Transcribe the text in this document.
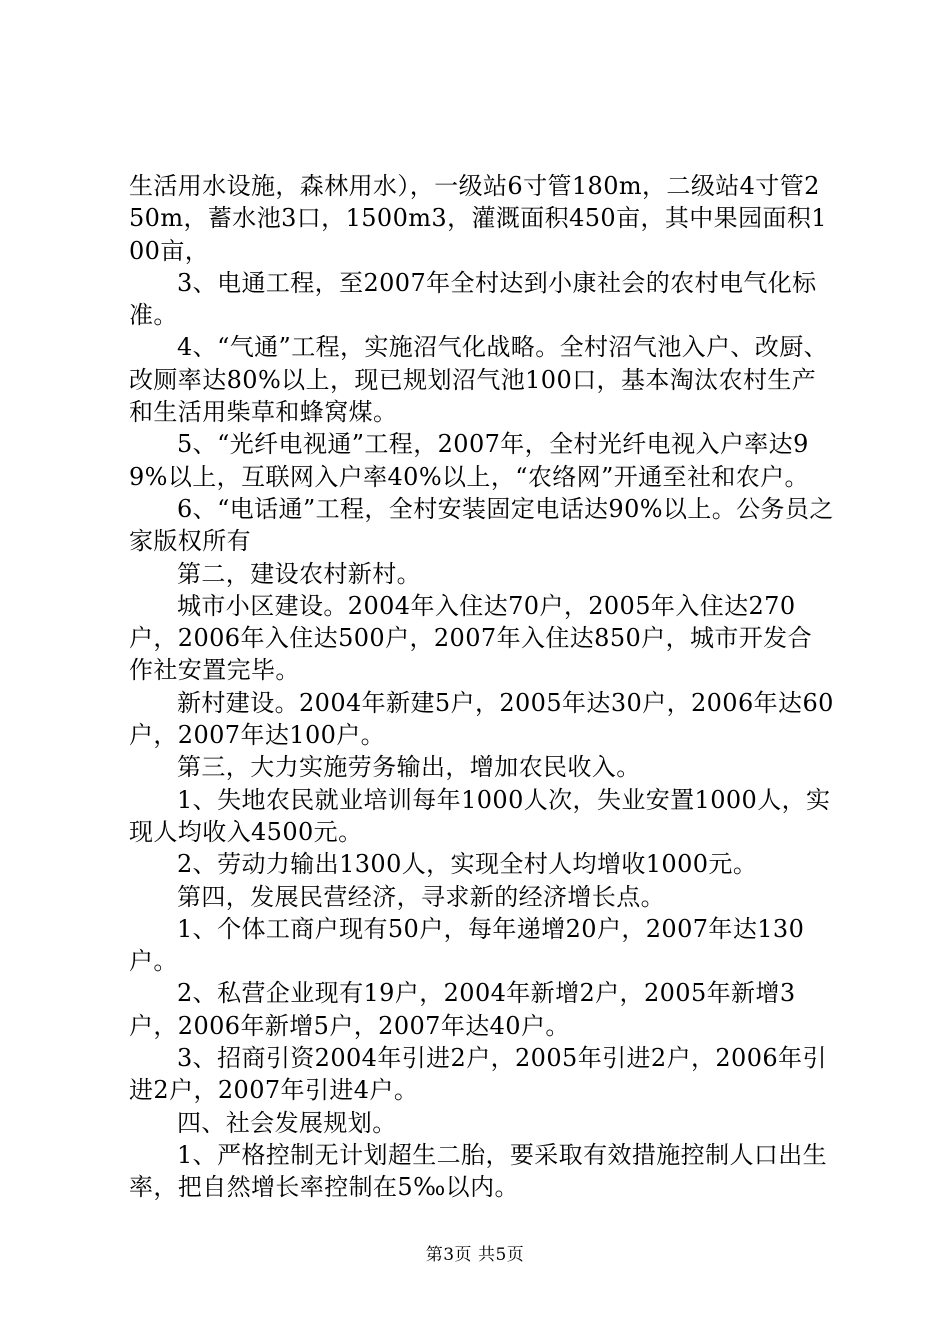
生活用水设施，森林用水），一级站6寸管180m，二级站4寸管250m，蓄水池3口，1500m3，灌溉面积450亩，其中果园面积100亩，

3、电通工程，至2007年全村达到小康社会的农村电气化标准。

4、“气通”工程，实施沼气化战略。全村沼气池入户、改厨、改厕率达80%以上，现已规划沼气池100口，基本淘汰农村生产和生活用柴草和蜂窝煤。

5、“光纤电视通”工程，2007年，全村光纤电视入户率达99%以上，互联网入户率40%以上，“农络网”开通至社和农户。

6、“电话通”工程，全村安装固定电话达90%以上。公务员之家版权所有

第二，建设农村新村。

城市小区建设。2004年入住达70户，2005年入住达270户，2006年入住达500户，2007年入住达850户，城市开发合作社安置完毕。

新村建设。2004年新建5户，2005年达30户，2006年达60户，2007年达100户。

第三，大力实施劳务输出，增加农民收入。

1、失地农民就业培训每年1000人次，失业安置1000人，实现人均收入4500元。

2、劳动力输出1300人，实现全村人均增收1000元。

第四，发展民营经济，寻求新的经济增长点。

1、个体工商户现有50户，每年递增20户，2007年达130户。

2、私营企业现有19户，2004年新增2户，2005年新增3户，2006年新增5户，2007年达40户。

3、招商引资2004年引进2户，2005年引进2户，2006年引进2户，2007年引进4户。

四、社会发展规划。

1、严格控制无计划超生二胎，要采取有效措施控制人口出生率，把自然增长率控制在5‰以内。

第3页 共5页
